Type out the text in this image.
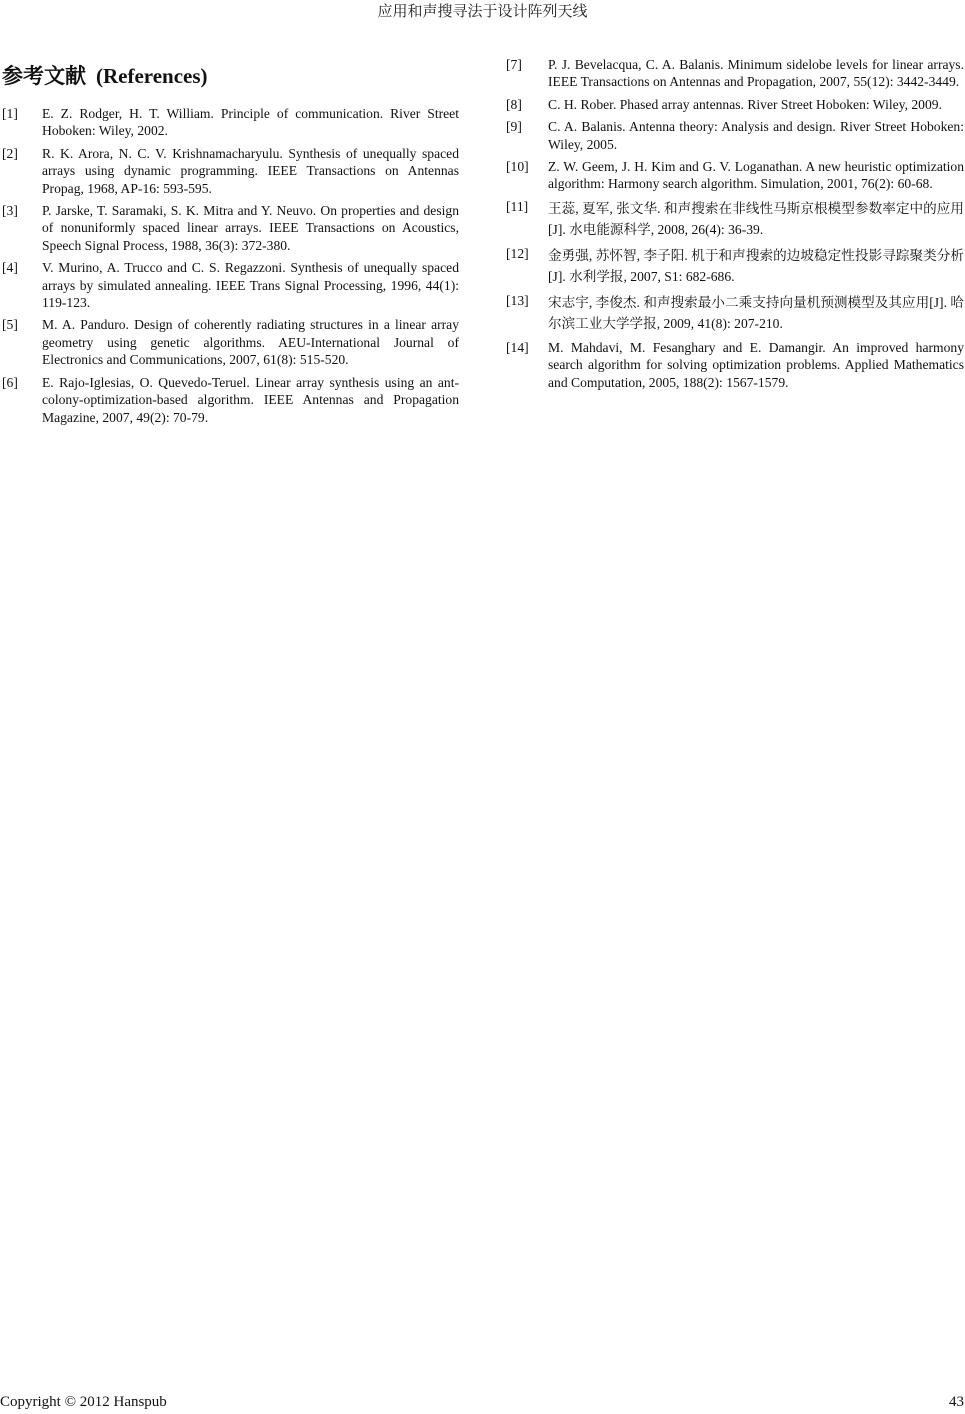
应用和声搜寻法于设计阵列天线
参考文献 (References)
[1]	E. Z. Rodger, H. T. William. Principle of communication. River Street Hoboken: Wiley, 2002.
[2]	R. K. Arora, N. C. V. Krishnamacharyulu. Synthesis of unequally spaced arrays using dynamic programming. IEEE Transactions on Antennas Propag, 1968, AP-16: 593-595.
[3]	P. Jarske, T. Saramaki, S. K. Mitra and Y. Neuvo. On properties and design of nonuniformly spaced linear arrays. IEEE Transactions on Acoustics, Speech Signal Process, 1988, 36(3): 372-380.
[4]	V. Murino, A. Trucco and C. S. Regazzoni. Synthesis of unequally spaced arrays by simulated annealing. IEEE Trans Signal Processing, 1996, 44(1): 119-123.
[5]	M. A. Panduro. Design of coherently radiating structures in a linear array geometry using genetic algorithms. AEU-International Journal of Electronics and Communications, 2007, 61(8): 515-520.
[6]	E. Rajo-Iglesias, O. Quevedo-Teruel. Linear array synthesis using an ant-colony-optimization-based algorithm. IEEE Antennas and Propagation Magazine, 2007, 49(2): 70-79.
[7]	P. J. Bevelacqua, C. A. Balanis. Minimum sidelobe levels for linear arrays. IEEE Transactions on Antennas and Propagation, 2007, 55(12): 3442-3449.
[8]	C. H. Rober. Phased array antennas. River Street Hoboken: Wiley, 2009.
[9]	C. A. Balanis. Antenna theory: Analysis and design. River Street Hoboken: Wiley, 2005.
[10]	Z. W. Geem, J. H. Kim and G. V. Loganathan. A new heuristic optimization algorithm: Harmony search algorithm. Simulation, 2001, 76(2): 60-68.
[11]	王蕊, 夏军, 张文华. 和声搜索在非线性马斯京根模型参数率定中的应用[J]. 水电能源科学, 2008, 26(4): 36-39.
[12]	金勇强, 苏怀智, 李子阳. 机于和声搜索的边坡稳定性投影寻踪聚类分析[J]. 水利学报, 2007, S1: 682-686.
[13]	宋志宇, 李俊杰. 和声搜索最小二乘支持向量机预测模型及其应用[J]. 哈尔滨工业大学学报, 2009, 41(8): 207-210.
[14]	M. Mahdavi, M. Fesanghary and E. Damangir. An improved harmony search algorithm for solving optimization problems. Applied Mathematics and Computation, 2005, 188(2): 1567-1579.
Copyright © 2012 Hanspub	43
